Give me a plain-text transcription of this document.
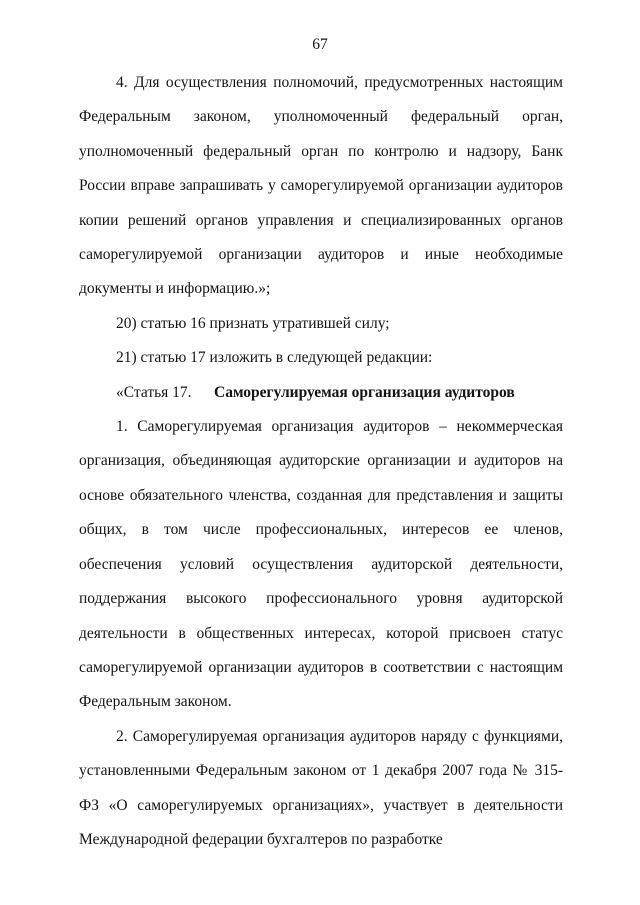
67

4. Для осуществления полномочий, предусмотренных настоящим Федеральным законом, уполномоченный федеральный орган, уполномоченный федеральный орган по контролю и надзору, Банк России вправе запрашивать у саморегулируемой организации аудиторов копии решений органов управления и специализированных органов саморегулируемой организации аудиторов и иные необходимые документы и информацию.»;

20) статью 16 признать утратившей силу;

21) статью 17 изложить в следующей редакции:

«Статья 17. Саморегулируемая организация аудиторов

1. Саморегулируемая организация аудиторов – некоммерческая организация, объединяющая аудиторские организации и аудиторов на основе обязательного членства, созданная для представления и защиты общих, в том числе профессиональных, интересов ее членов, обеспечения условий осуществления аудиторской деятельности, поддержания высокого профессионального уровня аудиторской деятельности в общественных интересах, которой присвоен статус саморегулируемой организации аудиторов в соответствии с настоящим Федеральным законом.

2. Саморегулируемая организация аудиторов наряду с функциями, установленными Федеральным законом от 1 декабря 2007 года № 315-ФЗ «О саморегулируемых организациях», участвует в деятельности Международной федерации бухгалтеров по разработке
